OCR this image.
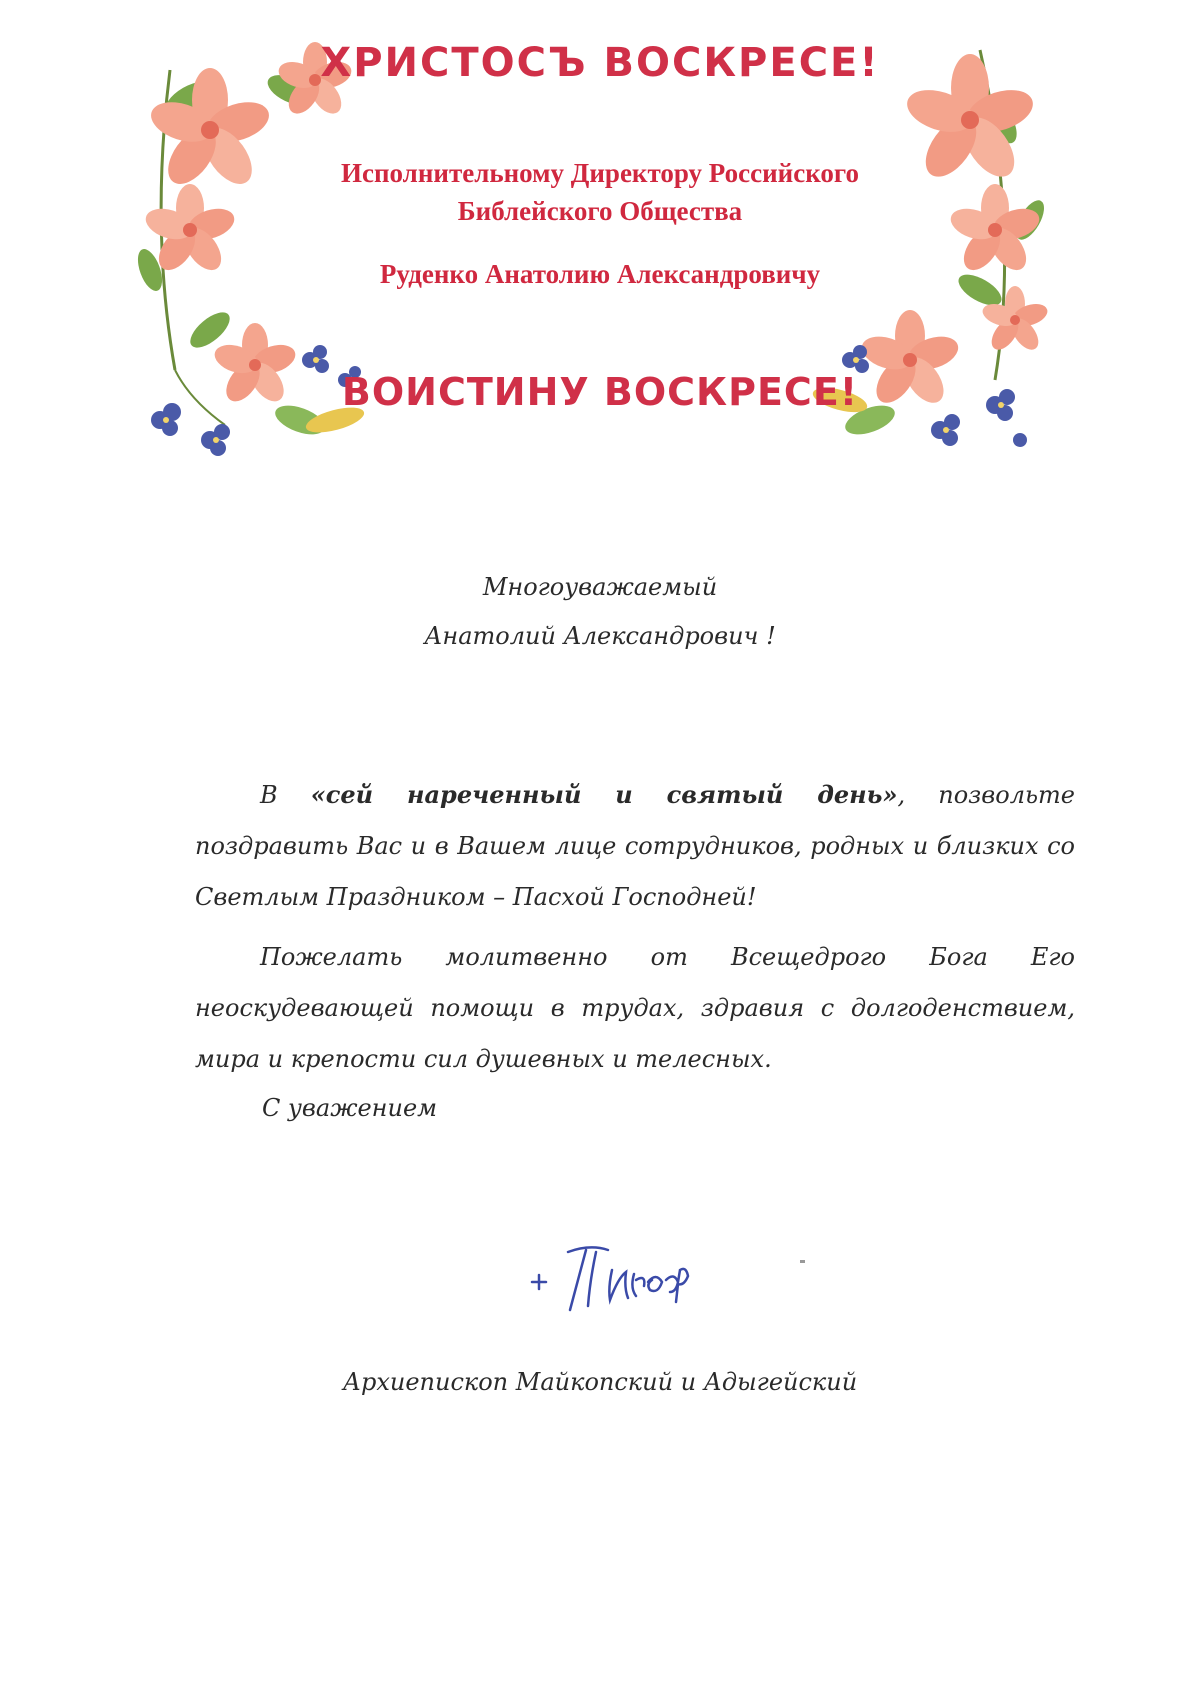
ХРИСТОСЪ ВОСКРЕСЕ!
Исполнительному Директору Российского
Библейского Общества
Руденко Анатолию Александровичу
ВОИСТИНУ ВОСКРЕСЕ!
Многоуважаемый
Анатолий Александрович !
В «сей нареченный и святый день», позвольте поздравить Вас и в Вашем лице сотрудников, родных и близких со Светлым Праздником – Пасхой Господней!
Пожелать молитвенно от Всещедрого Бога Его неоскудевающей помощи в трудах, здравия с долгоденствием, мира и крепости сил душевных и телесных.
С уважением
Архиепископ Майкопский и Адыгейский
